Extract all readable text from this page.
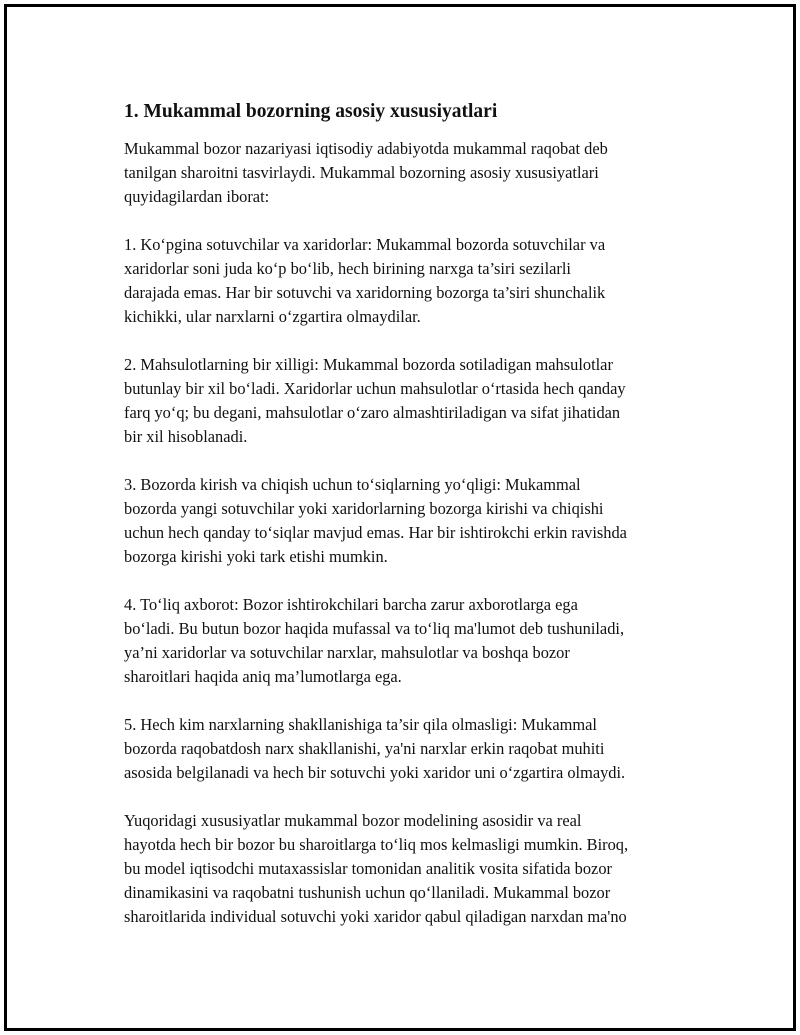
1. Mukammal bozorning asosiy xususiyatlari

Mukammal bozor nazariyasi iqtisodiy adabiyotda mukammal raqobat deb
tanilgan sharoitni tasvirlaydi. Mukammal bozorning asosiy xususiyatlari
quyidagilardan iborat:

1. Ko‘pgina sotuvchilar va xaridorlar: Mukammal bozorda sotuvchilar va
xaridorlar soni juda ko‘p bo‘lib, hech birining narxga ta’siri sezilarli
darajada emas. Har bir sotuvchi va xaridorning bozorga ta’siri shunchalik
kichikki, ular narxlarni o‘zgartira olmaydilar.

2. Mahsulotlarning bir xilligi: Mukammal bozorda sotiladigan mahsulotlar
butunlay bir xil bo‘ladi. Xaridorlar uchun mahsulotlar o‘rtasida hech qanday
farq yo‘q; bu degani, mahsulotlar o‘zaro almashtiriladigan va sifat jihatidan
bir xil hisoblanadi.

3. Bozorda kirish va chiqish uchun to‘siqlarning yo‘qligi: Mukammal
bozorda yangi sotuvchilar yoki xaridorlarning bozorga kirishi va chiqishi
uchun hech qanday to‘siqlar mavjud emas. Har bir ishtirokchi erkin ravishda
bozorga kirishi yoki tark etishi mumkin.

4. To‘liq axborot: Bozor ishtirokchilari barcha zarur axborotlarga ega
bo‘ladi. Bu butun bozor haqida mufassal va to‘liq ma'lumot deb tushuniladi,
ya’ni xaridorlar va sotuvchilar narxlar, mahsulotlar va boshqa bozor
sharoitlari haqida aniq ma’lumotlarga ega.

5. Hech kim narxlarning shakllanishiga ta’sir qila olmasligi: Mukammal
bozorda raqobatdosh narx shakllanishi, ya'ni narxlar erkin raqobat muhiti
asosida belgilanadi va hech bir sotuvchi yoki xaridor uni o‘zgartira olmaydi.

Yuqoridagi xususiyatlar mukammal bozor modelining asosidir va real
hayotda hech bir bozor bu sharoitlarga to‘liq mos kelmasligi mumkin. Biroq,
bu model iqtisodchi mutaxassislar tomonidan analitik vosita sifatida bozor
dinamikasini va raqobatni tushunish uchun qo‘llaniladi. Mukammal bozor
sharoitlarida individual sotuvchi yoki xaridor qabul qiladigan narxdan ma'no
